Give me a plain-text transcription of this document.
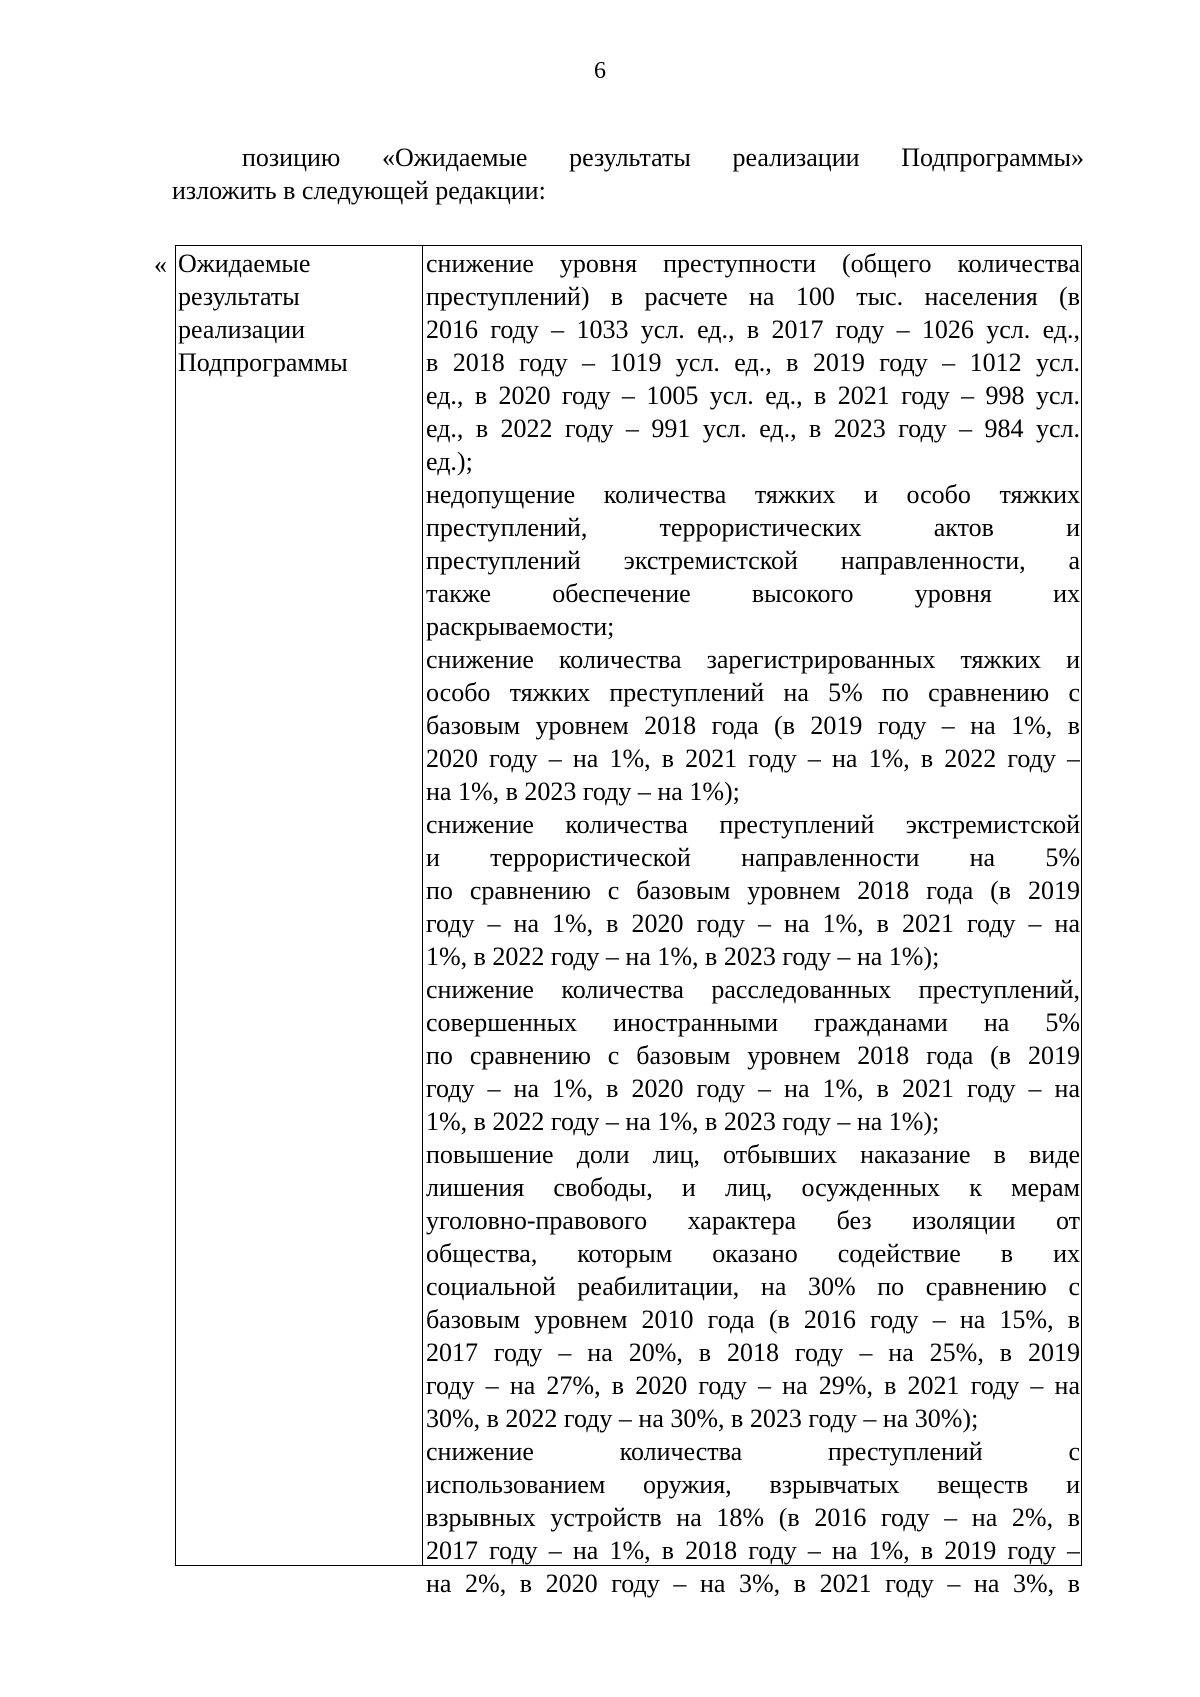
6
позицию «Ожидаемые результаты реализации Подпрограммы»
изложить в следующей редакции:
« Ожидаемые
результаты
реализации
Подпрограммы
снижение уровня преступности (общего количества
преступлений) в расчете на 100 тыс. населения (в
2016 году – 1033 усл. ед., в 2017 году – 1026 усл. ед.,
в 2018 году – 1019 усл. ед., в 2019 году – 1012 усл.
ед., в 2020 году – 1005 усл. ед., в 2021 году – 998 усл.
ед., в 2022 году – 991 усл. ед., в 2023 году – 984 усл.
ед.);
недопущение количества тяжких и особо тяжких
преступлений, террористических актов и
преступлений экстремистской направленности, а
также обеспечение высокого уровня их
раскрываемости;
снижение количества зарегистрированных тяжких и
особо тяжких преступлений на 5% по сравнению с
базовым уровнем 2018 года (в 2019 году – на 1%, в
2020 году – на 1%, в 2021 году – на 1%, в 2022 году –
на 1%, в 2023 году – на 1%);
снижение количества преступлений экстремистской
и террористической направленности на 5%
по сравнению с базовым уровнем 2018 года (в 2019
году – на 1%, в 2020 году – на 1%, в 2021 году – на
1%, в 2022 году – на 1%, в 2023 году – на 1%);
снижение количества расследованных преступлений,
совершенных иностранными гражданами на 5%
по сравнению с базовым уровнем 2018 года (в 2019
году – на 1%, в 2020 году – на 1%, в 2021 году – на
1%, в 2022 году – на 1%, в 2023 году – на 1%);
повышение доли лиц, отбывших наказание в виде
лишения свободы, и лиц, осужденных к мерам
уголовно-правового характера без изоляции от
общества, которым оказано содействие в их
социальной реабилитации, на 30% по сравнению с
базовым уровнем 2010 года (в 2016 году – на 15%, в
2017 году – на 20%, в 2018 году – на 25%, в 2019
году – на 27%, в 2020 году – на 29%, в 2021 году – на
30%, в 2022 году – на 30%, в 2023 году – на 30%);
снижение количества преступлений с
использованием оружия, взрывчатых веществ и
взрывных устройств на 18% (в 2016 году – на 2%, в
2017 году – на 1%, в 2018 году – на 1%, в 2019 году –
на 2%, в 2020 году – на 3%, в 2021 году – на 3%, в
